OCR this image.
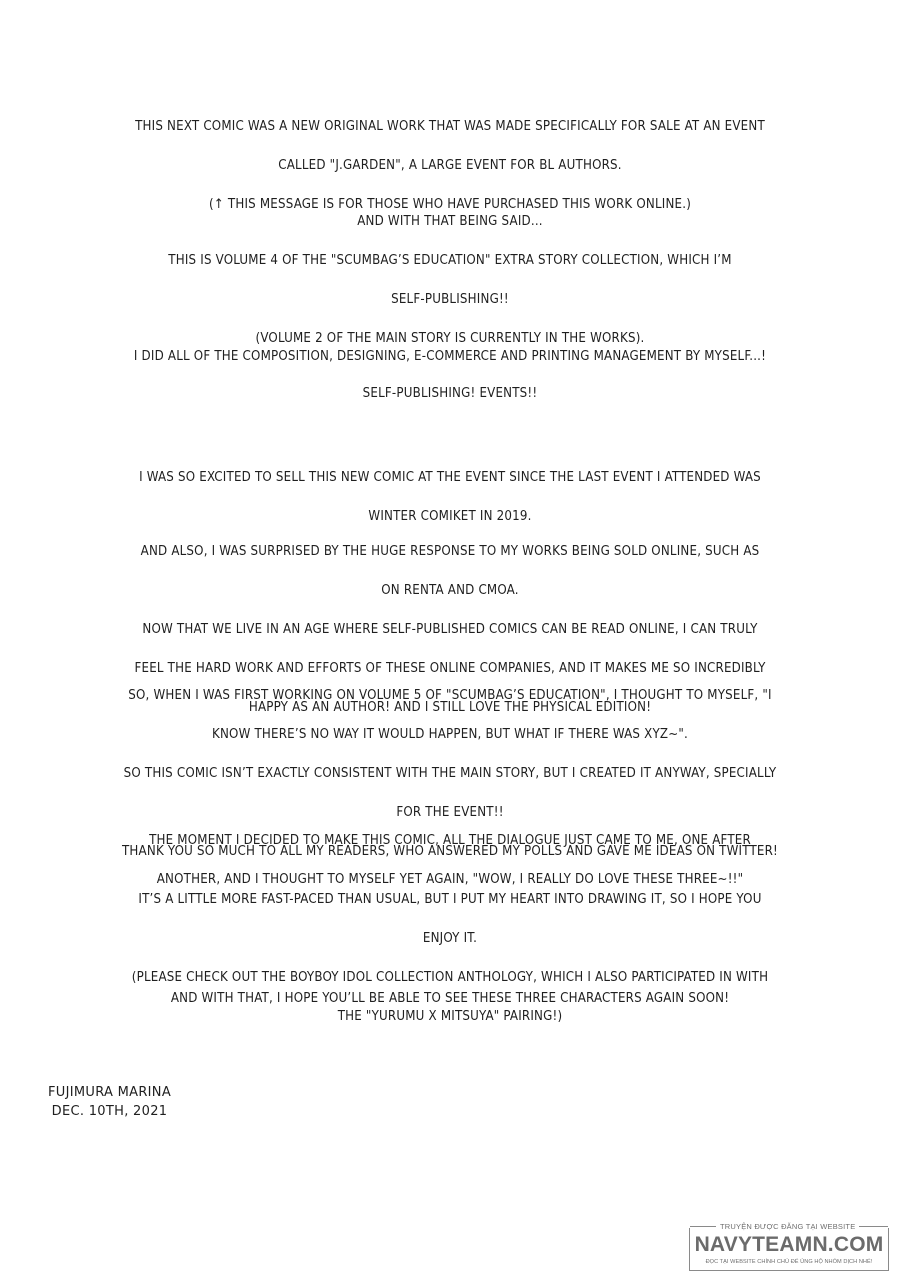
THIS NEXT COMIC WAS A NEW ORIGINAL WORK THAT WAS MADE SPECIFICALLY FOR SALE AT AN EVENT

CALLED "J.GARDEN", A LARGE EVENT FOR BL AUTHORS.

(↑ THIS MESSAGE IS FOR THOSE WHO HAVE PURCHASED THIS WORK ONLINE.)

AND WITH THAT BEING SAID...

THIS IS VOLUME 4 OF THE "SCUMBAG’S EDUCATION" EXTRA STORY COLLECTION, WHICH I’M

SELF-PUBLISHING!!

(VOLUME 2 OF THE MAIN STORY IS CURRENTLY IN THE WORKS).

I DID ALL OF THE COMPOSITION, DESIGNING, E-COMMERCE AND PRINTING MANAGEMENT BY MYSELF...!

SELF-PUBLISHING! EVENTS!!

I WAS SO EXCITED TO SELL THIS NEW COMIC AT THE EVENT SINCE THE LAST EVENT I ATTENDED WAS

WINTER COMIKET IN 2019.

AND ALSO, I WAS SURPRISED BY THE HUGE RESPONSE TO MY WORKS BEING SOLD ONLINE, SUCH AS

ON RENTA AND CMOA.

NOW THAT WE LIVE IN AN AGE WHERE SELF-PUBLISHED COMICS CAN BE READ ONLINE, I CAN TRULY

FEEL THE HARD WORK AND EFFORTS OF THESE ONLINE COMPANIES, AND IT MAKES ME SO INCREDIBLY

HAPPY AS AN AUTHOR! AND I STILL LOVE THE PHYSICAL EDITION!

SO, WHEN I WAS FIRST WORKING ON VOLUME 5 OF "SCUMBAG’S EDUCATION", I THOUGHT TO MYSELF, "I

KNOW THERE’S NO WAY IT WOULD HAPPEN, BUT WHAT IF THERE WAS XYZ~".

SO THIS COMIC ISN’T EXACTLY CONSISTENT WITH THE MAIN STORY, BUT I CREATED IT ANYWAY, SPECIALLY

FOR THE EVENT!!

THANK YOU SO MUCH TO ALL MY READERS, WHO ANSWERED MY POLLS AND GAVE ME IDEAS ON TWITTER!

THE MOMENT I DECIDED TO MAKE THIS COMIC, ALL THE DIALOGUE JUST CAME TO ME, ONE AFTER

ANOTHER, AND I THOUGHT TO MYSELF YET AGAIN, "WOW, I REALLY DO LOVE THESE THREE~!!"

IT’S A LITTLE MORE FAST-PACED THAN USUAL, BUT I PUT MY HEART INTO DRAWING IT, SO I HOPE YOU

ENJOY IT.

(PLEASE CHECK OUT THE BOYBOY IDOL COLLECTION ANTHOLOGY, WHICH I ALSO PARTICIPATED IN WITH

THE "YURUMU X MITSUYA" PAIRING!)

AND WITH THAT, I HOPE YOU’LL BE ABLE TO SEE THESE THREE CHARACTERS AGAIN SOON!

FUJIMURA MARINA
DEC. 10TH, 2021
TRUYỆN ĐƯỢC ĐĂNG TẠI WEBSITE
NAVYTEAMN.COM
ĐỌC TẠI WEBSITE CHÍNH CHỦ ĐỂ ỦNG HỘ NHÓM DỊCH NHÉ!
